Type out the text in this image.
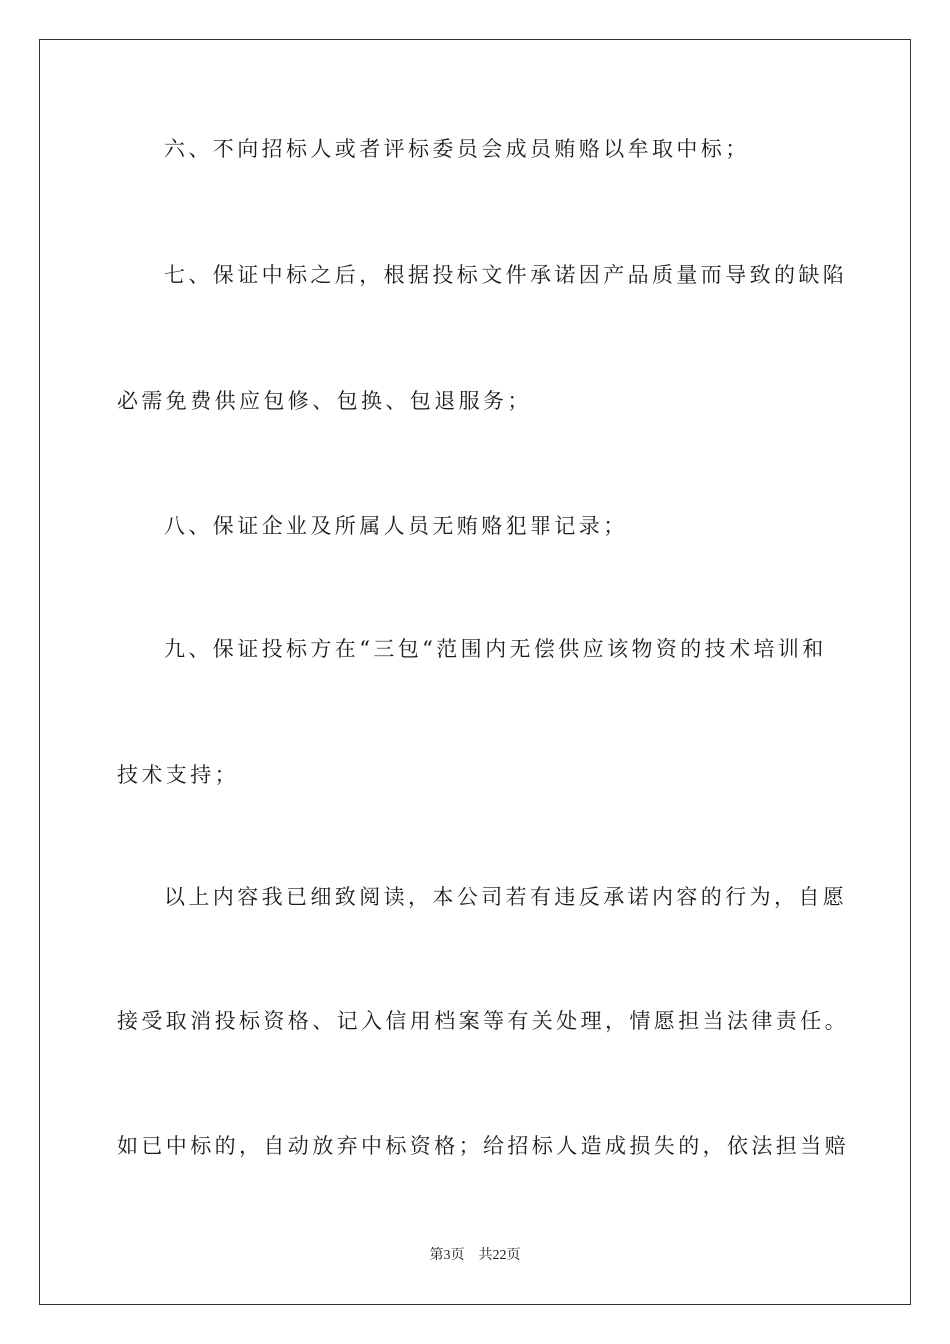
六、不向招标人或者评标委员会成员贿赂以牟取中标；
七、保证中标之后，根据投标文件承诺因产品质量而导致的缺陷
必需免费供应包修、包换、包退服务；
八、保证企业及所属人员无贿赂犯罪记录；
九、保证投标方在“三包“范围内无偿供应该物资的技术培训和
技术支持；
以上内容我已细致阅读，本公司若有违反承诺内容的行为，自愿
接受取消投标资格、记入信用档案等有关处理，情愿担当法律责任。
如已中标的，自动放弃中标资格；给招标人造成损失的，依法担当赔
第3页 共22页
